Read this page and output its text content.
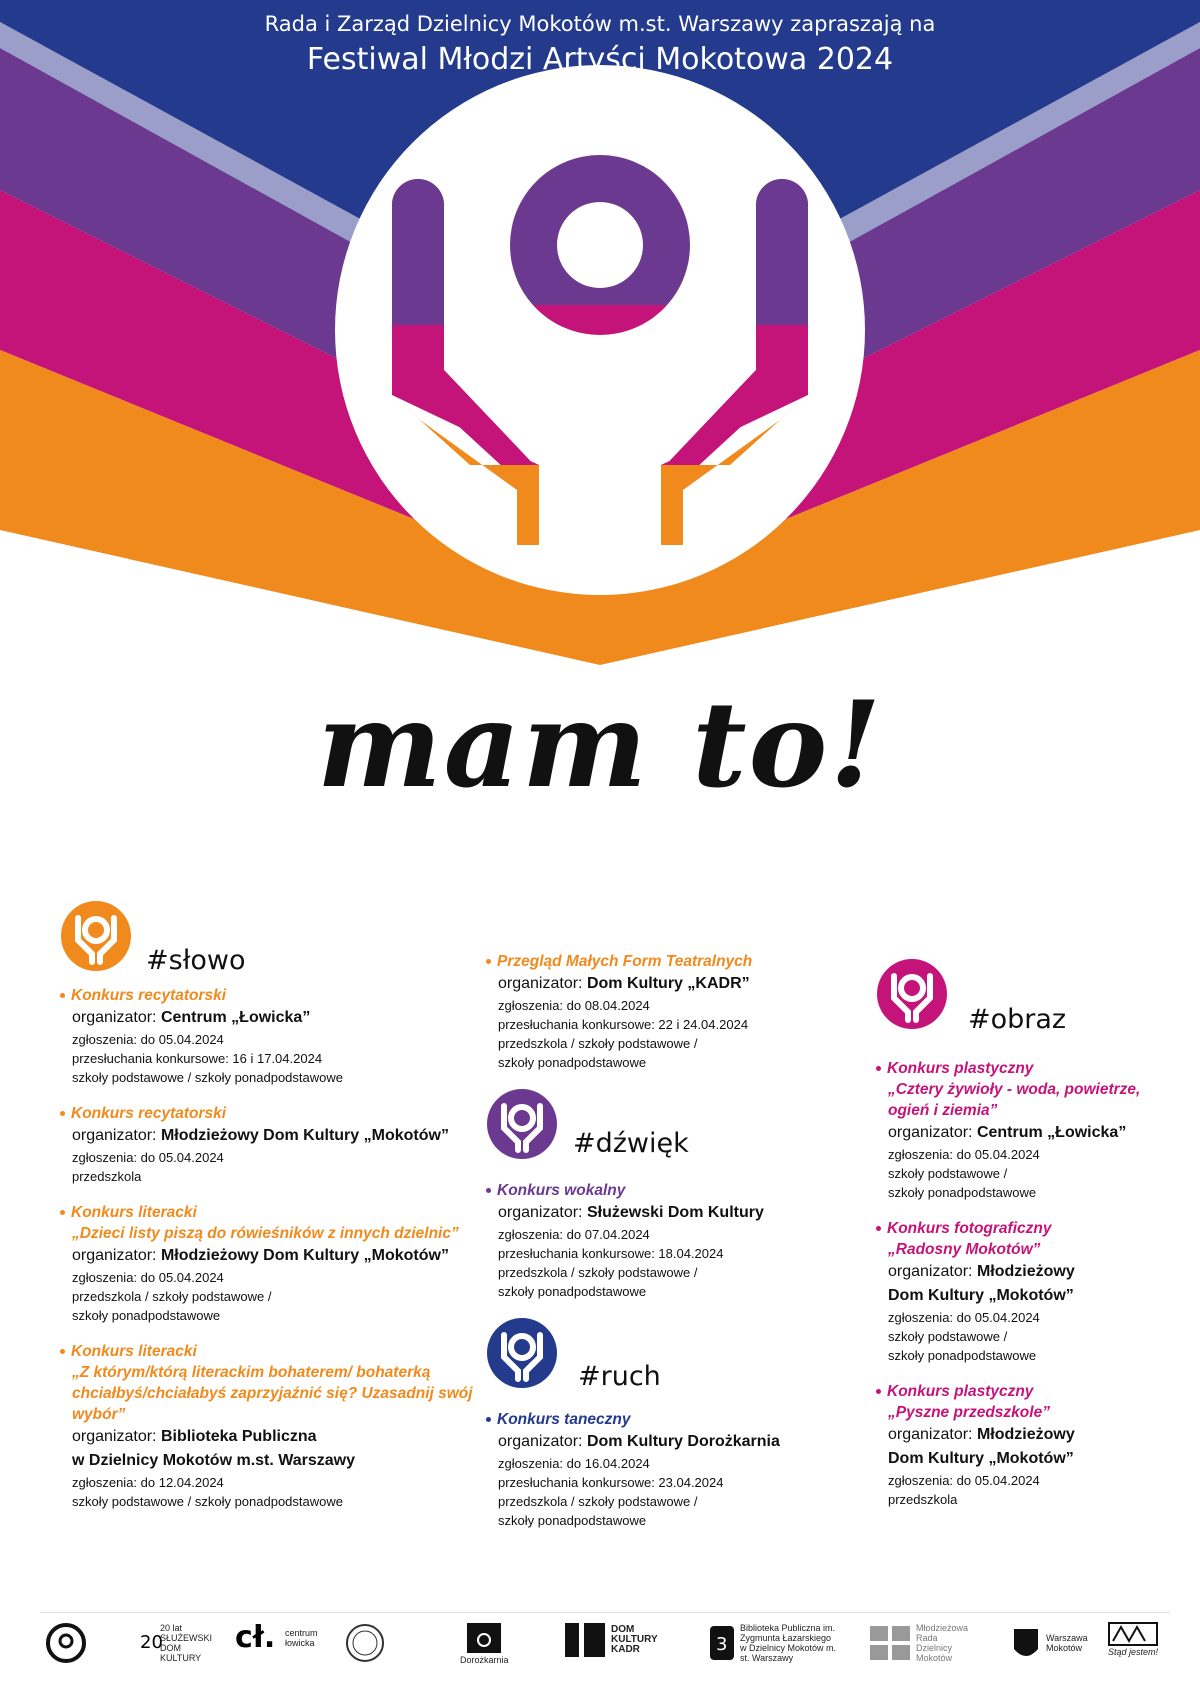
Rada i Zarząd Dzielnicy Mokotów m.st. Warszawy zapraszają na
Festiwal Młodzi Artyści Mokotowa 2024
mam to!
#słowo
Konkurs recytatorski
organizator: Centrum „Łowicka”
zgłoszenia: do 05.04.2024
przesłuchania konkursowe: 16 i 17.04.2024
szkoły podstawowe / szkoły ponadpodstawowe
Konkurs recytatorski
organizator: Młodzieżowy Dom Kultury „Mokotów”
zgłoszenia: do 05.04.2024
przedszkola
Konkurs literacki
„Dzieci listy piszą do rówieśników z innych dzielnic”
organizator: Młodzieżowy Dom Kultury „Mokotów”
zgłoszenia: do 05.04.2024
przedszkola / szkoły podstawowe /
szkoły ponadpodstawowe
Konkurs literacki
„Z którym/którą literackim bohaterem/ bohaterką chciałbyś/chciałabyś zaprzyjaźnić się? Uzasadnij swój wybór”
organizator: Biblioteka Publiczna
w Dzielnicy Mokotów m.st. Warszawy
zgłoszenia: do 12.04.2024
szkoły podstawowe / szkoły ponadpodstawowe
Przegląd Małych Form Teatralnych
organizator: Dom Kultury „KADR”
zgłoszenia: do 08.04.2024
przesłuchania konkursowe: 22 i 24.04.2024
przedszkola / szkoły podstawowe /
szkoły ponadpodstawowe
#dźwięk
Konkurs wokalny
organizator: Służewski Dom Kultury
zgłoszenia: do 07.04.2024
przesłuchania konkursowe: 18.04.2024
przedszkola / szkoły podstawowe /
szkoły ponadpodstawowe
#ruch
Konkurs taneczny
organizator: Dom Kultury Dorożkarnia
zgłoszenia: do 16.04.2024
przesłuchania konkursowe: 23.04.2024
przedszkola / szkoły podstawowe /
szkoły ponadpodstawowe
#obraz
Konkurs plastyczny
„Cztery żywioły - woda, powietrze, ogień i ziemia”
organizator: Centrum „Łowicka”
zgłoszenia: do 05.04.2024
szkoły podstawowe /
szkoły ponadpodstawowe
Konkurs fotograficzny
„Radosny Mokotów”
organizator: Młodzieżowy
Dom Kultury „Mokotów”
zgłoszenia: do 05.04.2024
szkoły podstawowe /
szkoły ponadpodstawowe
Konkurs plastyczny
„Pyszne przedszkole”
organizator: Młodzieżowy
Dom Kultury „Mokotów”
zgłoszenia: do 05.04.2024
przedszkola
20
20 lat SŁUŻEWSKI DOM KULTURY
cł. centrum łowicka
Dorożkarnia
DOM KULTURY KADR	3
Biblioteka Publiczna im. Zygmunta Łazarskiego w Dzielnicy Mokotów m. st. Warszawy
Młodzieżowa Rada Dzielnicy Mokotów
Warszawa Mokotów	Stąd jestem!
